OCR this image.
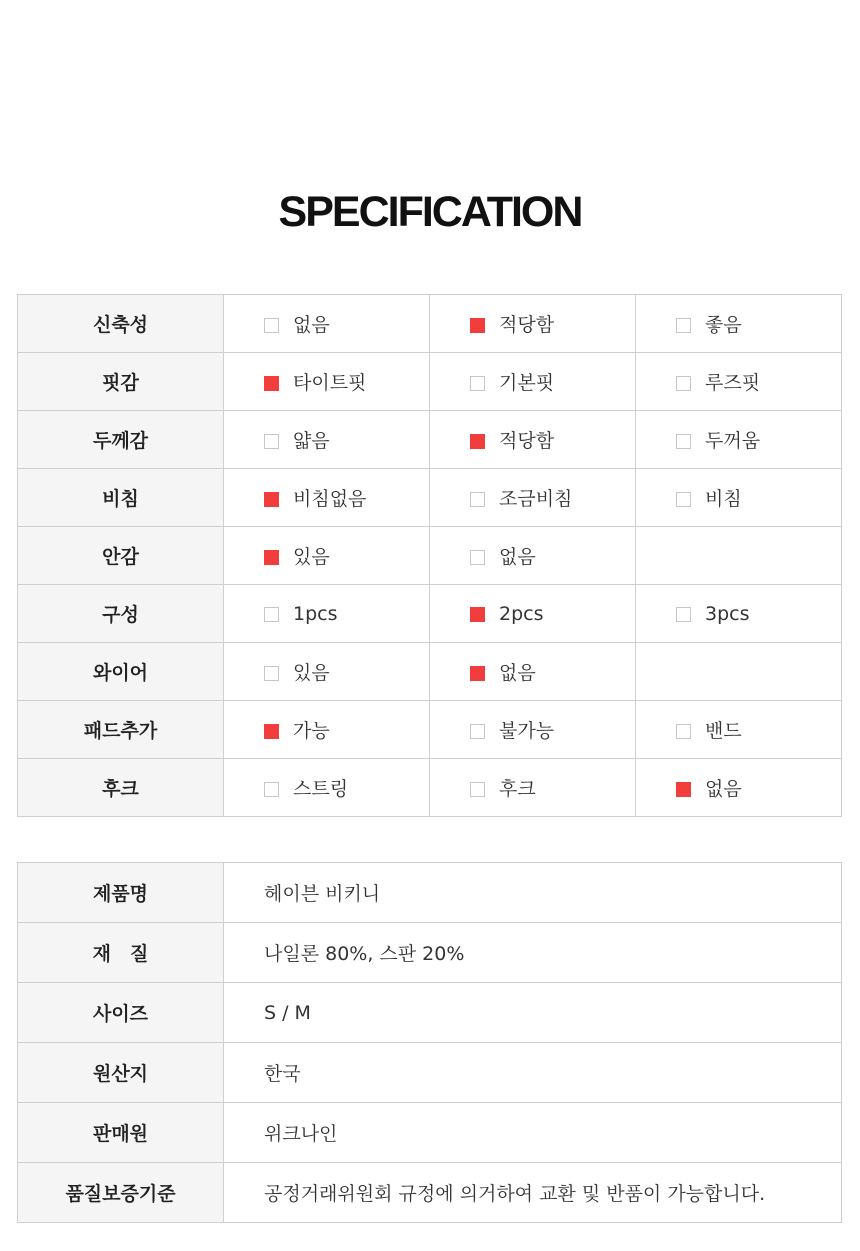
SPECIFICATION
신축성	없음	적당함	좋음
핏감	타이트핏	기본핏	루즈핏
두께감	얇음	적당함	두꺼움
비침	비침없음	조금비침	비침
안감	있음	없음	
구성	1pcs	2pcs	3pcs
와이어	있음	없음	
패드추가	가능	불가능	밴드
후크	스트링	후크	없음
제품명	헤이븐 비키니
재　질	나일론 80%, 스판 20%
사이즈	S / M
원산지	한국
판매원	위크나인
품질보증기준	공정거래위원회 규정에 의거하여 교환 및 반품이 가능합니다.
